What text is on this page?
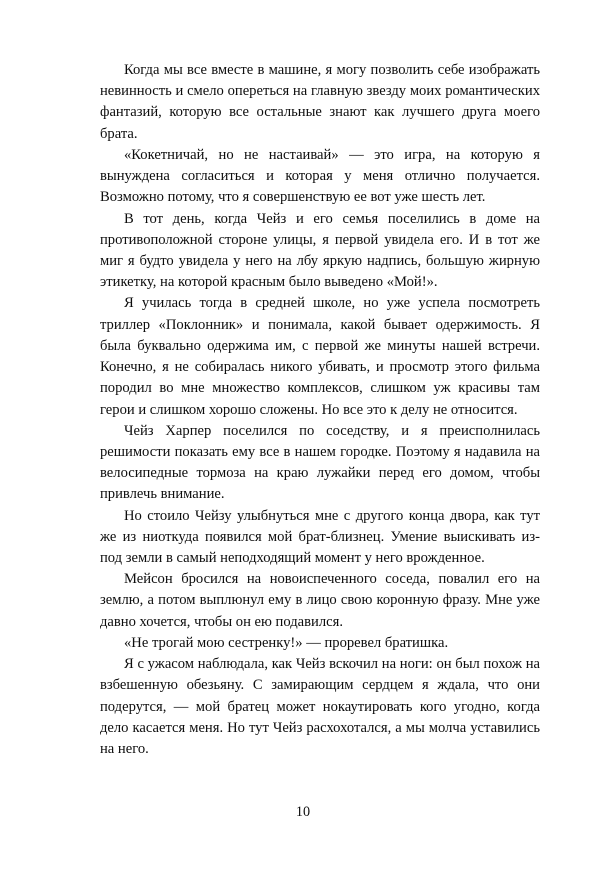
Когда мы все вместе в машине, я могу позволить себе изображать невинность и смело опереться на главную звезду моих романтических фантазий, которую все остальные знают как лучшего друга моего брата.

«Кокетничай, но не настаивай» — это игра, на которую я вынуждена согласиться и которая у меня отлично получается. Возможно потому, что я совершенствую ее вот уже шесть лет.

В тот день, когда Чейз и его семья поселились в доме на противоположной стороне улицы, я первой увидела его. И в тот же миг я будто увидела у него на лбу яркую надпись, большую жирную этикетку, на которой красным было выведено «Мой!».

Я училась тогда в средней школе, но уже успела посмотреть триллер «Поклонник» и понимала, какой бывает одержимость. Я была буквально одержима им, с первой же минуты нашей встречи. Конечно, я не собиралась никого убивать, и просмотр этого фильма породил во мне множество комплексов, слишком уж красивы там герои и слишком хорошо сложены. Но все это к делу не относится.

Чейз Харпер поселился по соседству, и я преисполнилась решимости показать ему все в нашем городке. Поэтому я надавила на велосипедные тормоза на краю лужайки перед его домом, чтобы привлечь внимание.

Но стоило Чейзу улыбнуться мне с другого конца двора, как тут же из ниоткуда появился мой брат-близнец. Умение выискивать из-под земли в самый неподходящий момент у него врожденное.

Мейсон бросился на новоиспеченного соседа, повалил его на землю, а потом выплюнул ему в лицо свою коронную фразу. Мне уже давно хочется, чтобы он ею подавился.

«Не трогай мою сестренку!» — проревел братишка.

Я с ужасом наблюдала, как Чейз вскочил на ноги: он был похож на взбешенную обезьяну. С замирающим сердцем я ждала, что они подерутся, — мой братец может нокаутировать кого угодно, когда дело касается меня. Но тут Чейз расхохотался, а мы молча уставились на него.

10
